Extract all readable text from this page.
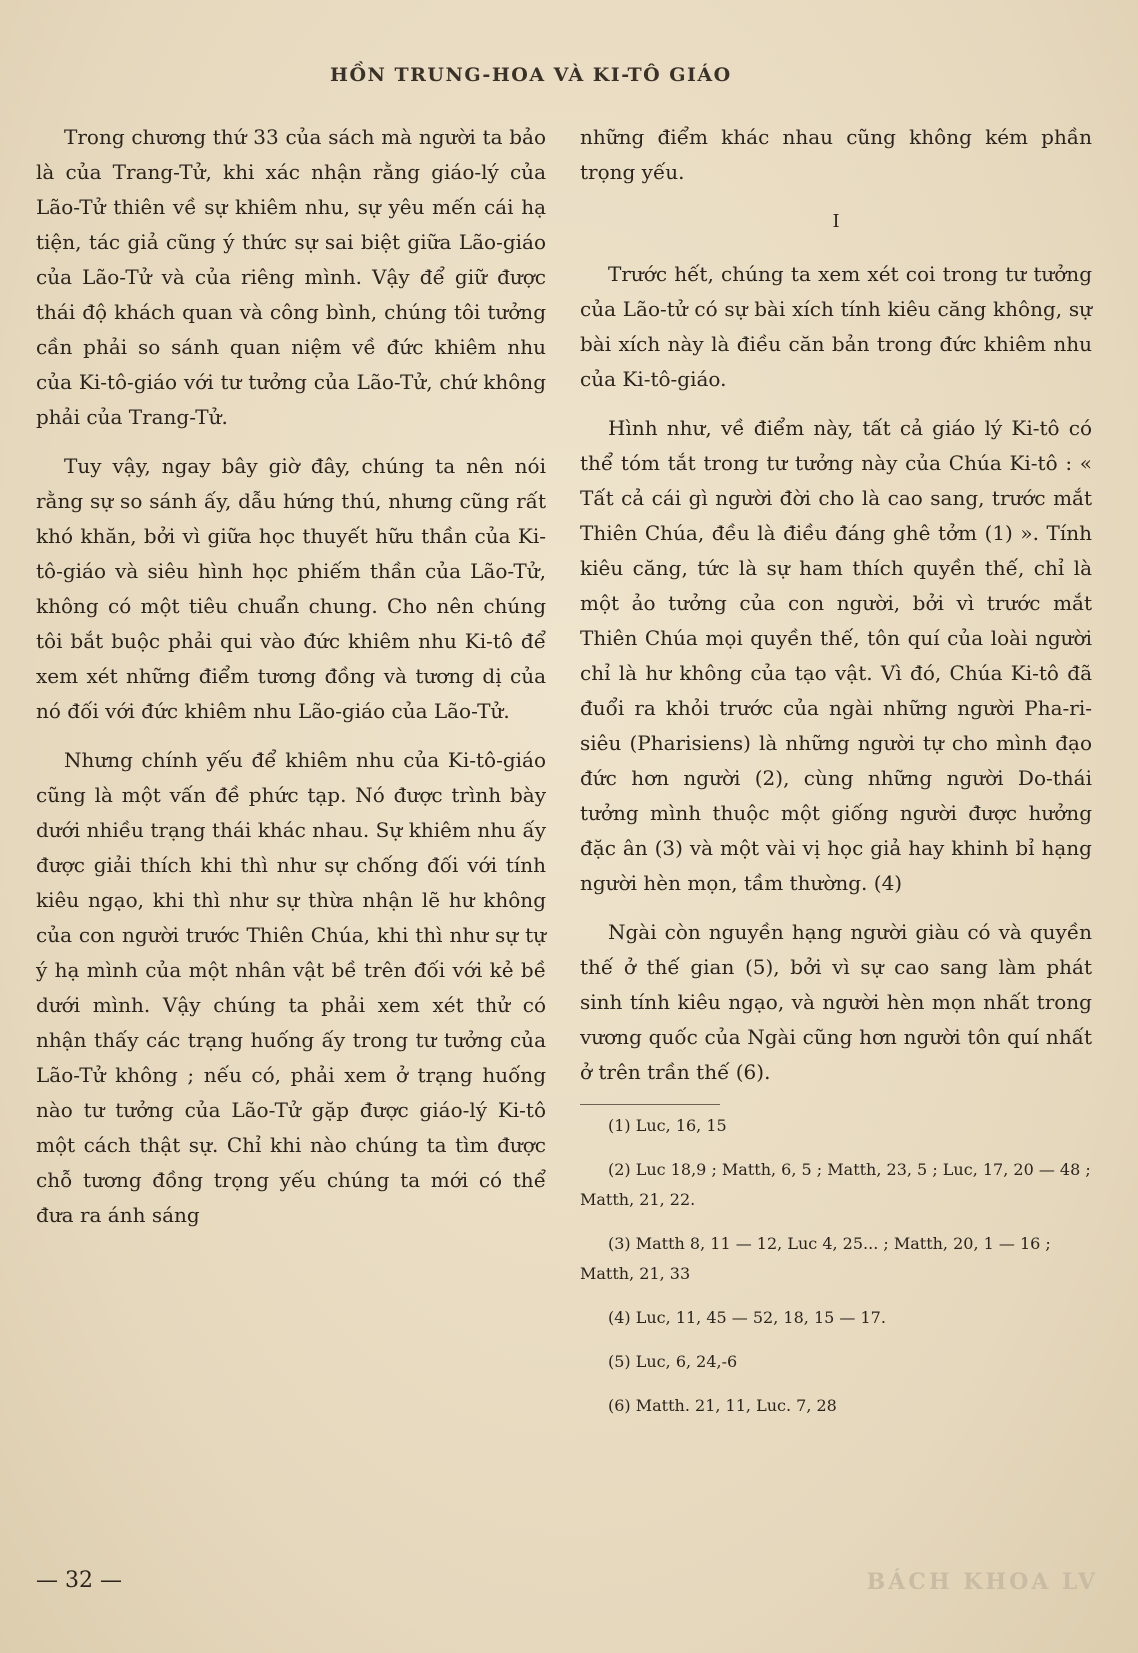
HỒN TRUNG-HOA VÀ KI-TÔ GIÁO

Trong chương thứ 33 của sách mà người ta bảo là của Trang-Tử, khi xác nhận rằng giáo-lý của Lão-Tử thiên về sự khiêm nhu, sự yêu mến cái hạ tiện, tác giả cũng ý thức sự sai biệt giữa Lão-giáo của Lão-Tử và của riêng mình. Vậy để giữ được thái độ khách quan và công bình, chúng tôi tưởng cần phải so sánh quan niệm về đức khiêm nhu của Ki-tô-giáo với tư tưởng của Lão-Tử, chứ không phải của Trang-Tử.

Tuy vậy, ngay bây giờ đây, chúng ta nên nói rằng sự so sánh ấy, dẫu hứng thú, nhưng cũng rất khó khăn, bởi vì giữa học thuyết hữu thần của Ki-tô-giáo và siêu hình học phiếm thần của Lão-Tử, không có một tiêu chuẩn chung. Cho nên chúng tôi bắt buộc phải qui vào đức khiêm nhu Ki-tô để xem xét những điểm tương đồng và tương dị của nó đối với đức khiêm nhu Lão-giáo của Lão-Tử.

Nhưng chính yếu để khiêm nhu của Ki-tô-giáo cũng là một vấn đề phức tạp. Nó được trình bày dưới nhiều trạng thái khác nhau. Sự khiêm nhu ấy được giải thích khi thì như sự chống đối với tính kiêu ngạo, khi thì như sự thừa nhận lẽ hư không của con người trước Thiên Chúa, khi thì như sự tự ý hạ mình của một nhân vật bề trên đối với kẻ bề dưới mình. Vậy chúng ta phải xem xét thử có nhận thấy các trạng huống ấy trong tư tưởng của Lão-Tử không ; nếu có, phải xem ở trạng huống nào tư tưởng của Lão-Tử gặp được giáo-lý Ki-tô một cách thật sự. Chỉ khi nào chúng ta tìm được chỗ tương đồng trọng yếu chúng ta mới có thể đưa ra ánh sáng

những điểm khác nhau cũng không kém phần trọng yếu.

I

Trước hết, chúng ta xem xét coi trong tư tưởng của Lão-tử có sự bài xích tính kiêu căng không, sự bài xích này là điều căn bản trong đức khiêm nhu của Ki-tô-giáo.

Hình như, về điểm này, tất cả giáo lý Ki-tô có thể tóm tắt trong tư tưởng này của Chúa Ki-tô : « Tất cả cái gì người đời cho là cao sang, trước mắt Thiên Chúa, đều là điều đáng ghê tởm (1) ». Tính kiêu căng, tức là sự ham thích quyền thế, chỉ là một ảo tưởng của con người, bởi vì trước mắt Thiên Chúa mọi quyền thế, tôn quí của loài người chỉ là hư không của tạo vật. Vì đó, Chúa Ki-tô đã đuổi ra khỏi trước của ngài những người Pha-ri-siêu (Pharisiens) là những người tự cho mình đạo đức hơn người (2), cùng những người Do-thái tưởng mình thuộc một giống người được hưởng đặc ân (3) và một vài vị học giả hay khinh bỉ hạng người hèn mọn, tầm thường. (4)

Ngài còn nguyền hạng người giàu có và quyền thế ở thế gian (5), bởi vì sự cao sang làm phát sinh tính kiêu ngạo, và người hèn mọn nhất trong vương quốc của Ngài cũng hơn người tôn quí nhất ở trên trần thế (6).

(1) Luc, 16, 15

(2) Luc 18,9 ; Matth, 6, 5 ; Matth, 23, 5 ; Luc, 17, 20 — 48 ; Matth, 21, 22.

(3) Matth 8, 11 — 12, Luc 4, 25... ; Matth, 20, 1 — 16 ; Matth, 21, 33

(4) Luc, 11, 45 — 52, 18, 15 — 17.

(5) Luc, 6, 24,-6

(6) Matth. 21, 11, Luc. 7, 28

— 32 —	BÁCH KHOA LV
